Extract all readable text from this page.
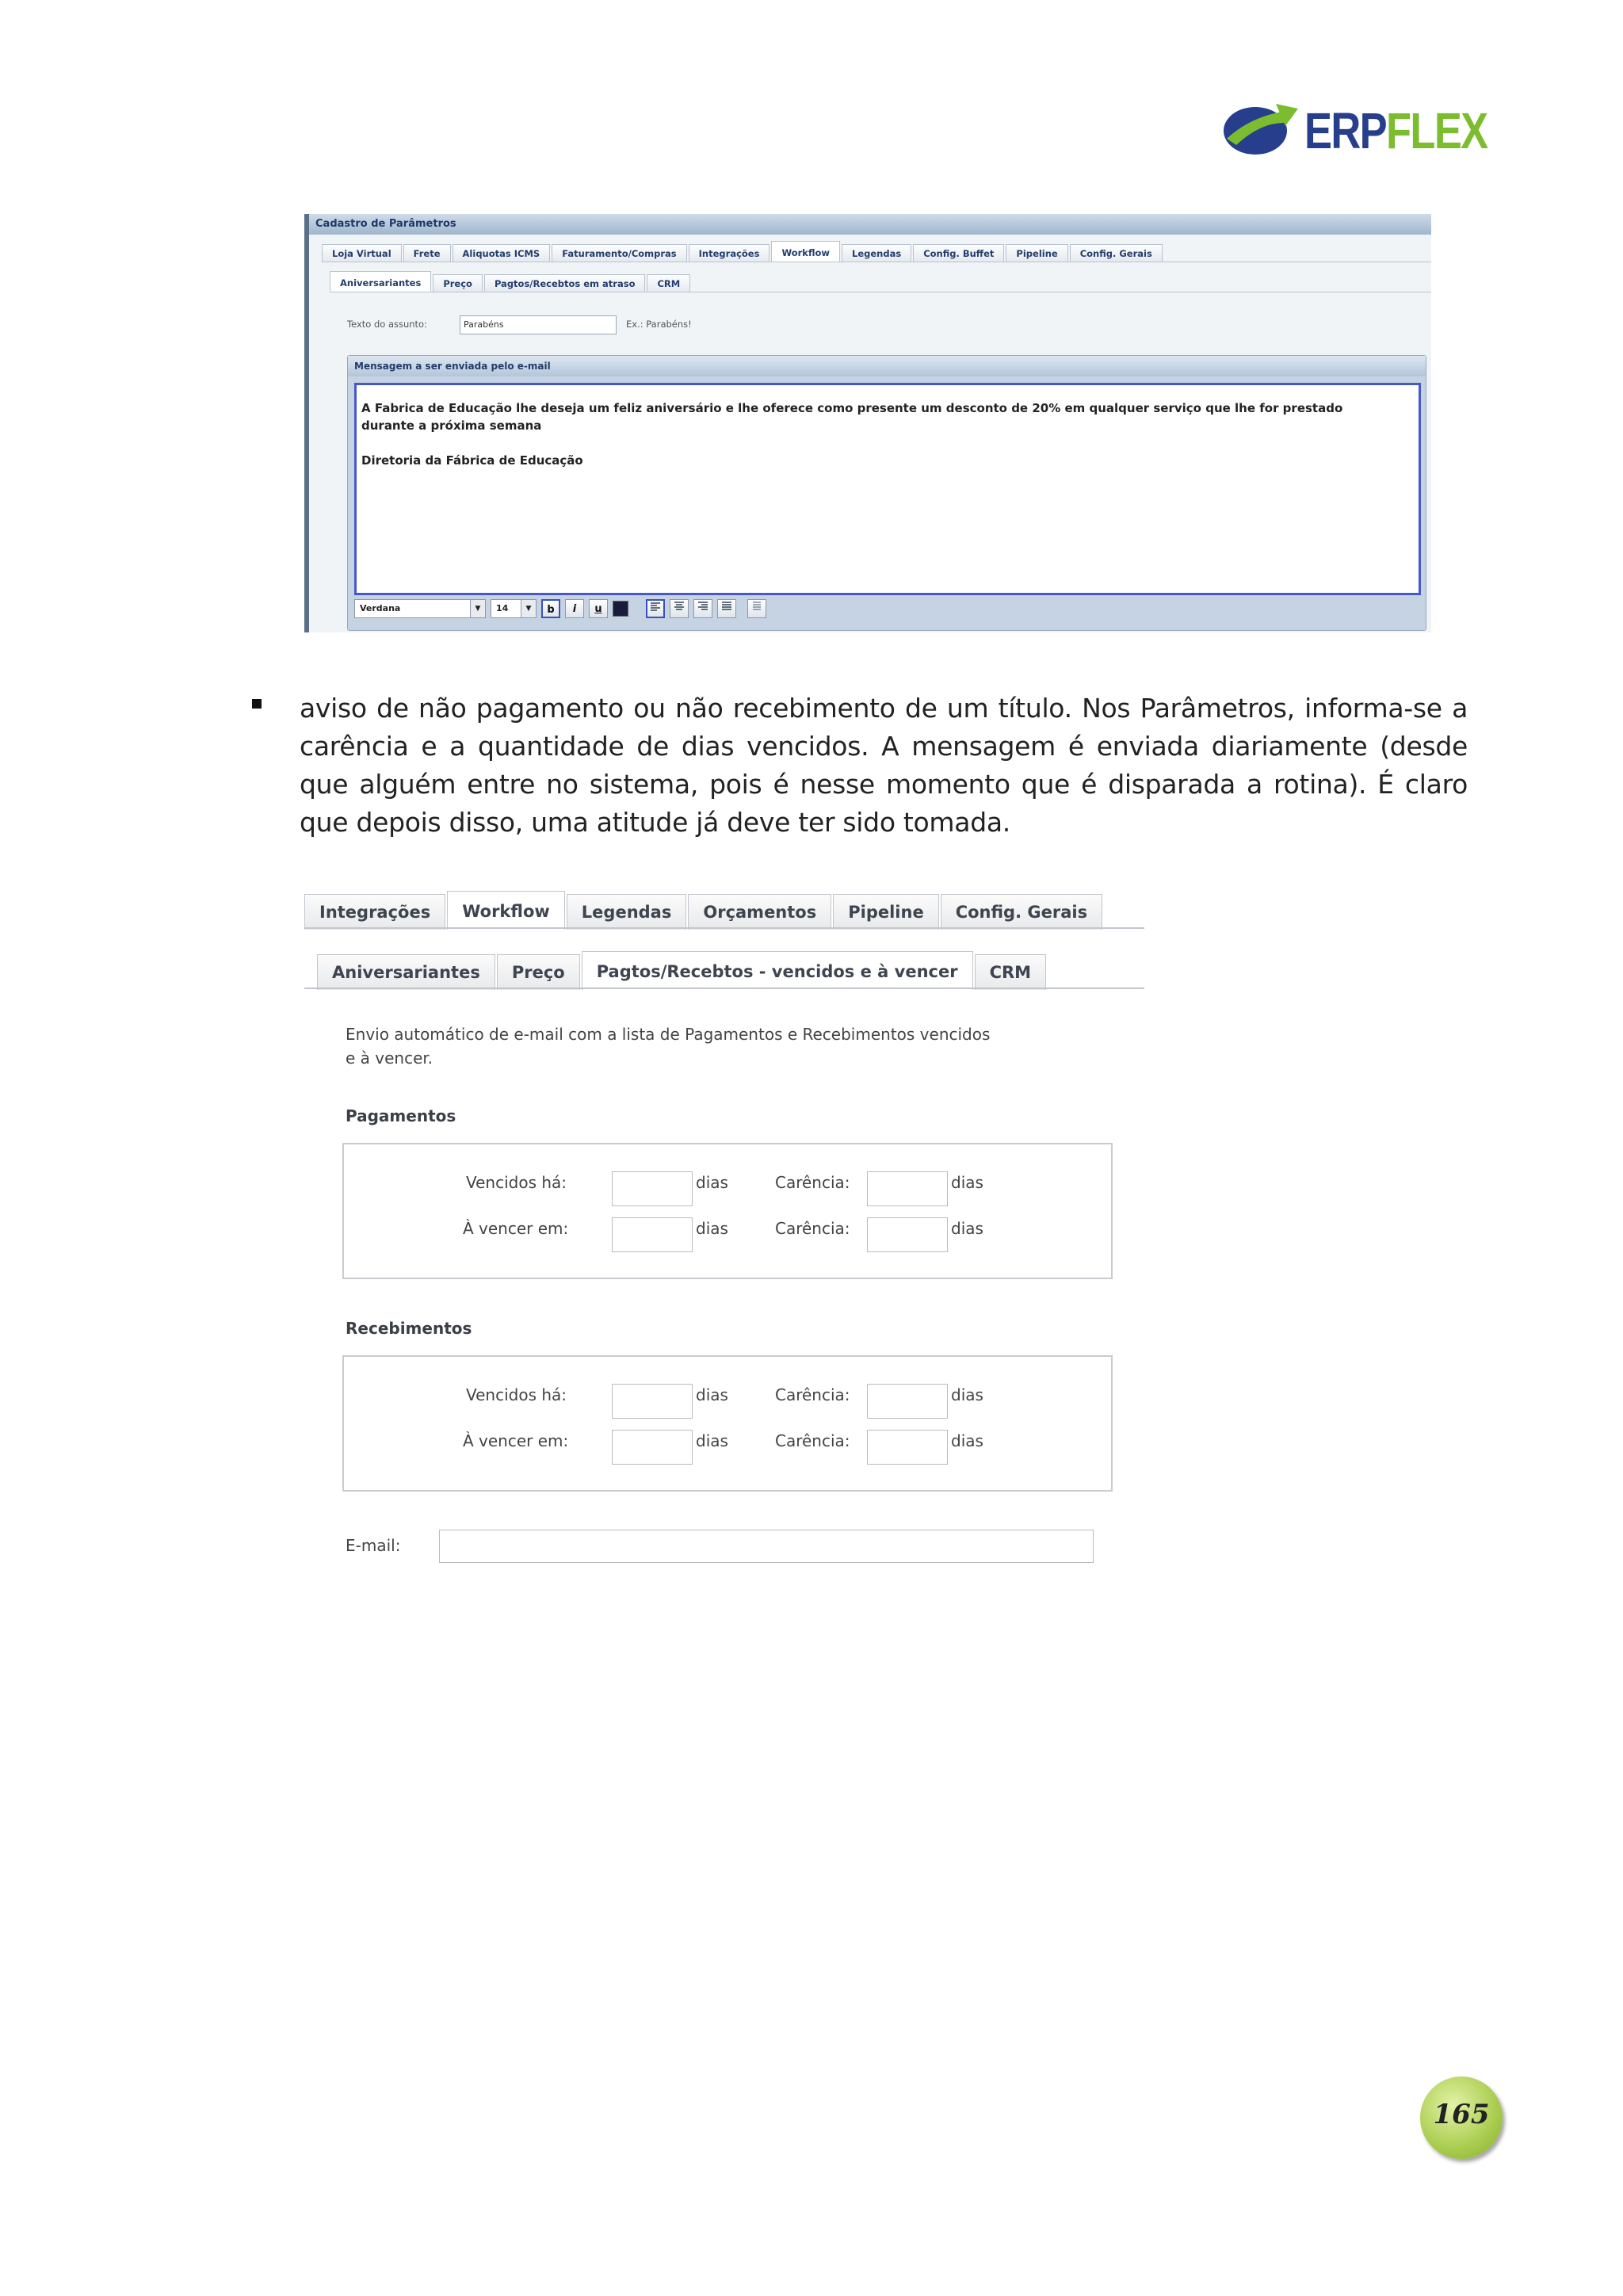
ERPFLEX
Cadastro de Parâmetros
Loja Virtual	Frete	Aliquotas ICMS	Faturamento/Compras	Integrações	Workflow	Legendas	Config. Buffet	Pipeline	Config. Gerais
Aniversariantes	Preço	Pagtos/Recebtos em atraso	CRM
Texto do assunto:	Parabéns	Ex.: Parabéns!
Mensagem a ser enviada pelo e-mail

A Fabrica de Educação lhe deseja um feliz aniversário e lhe oferece como presente um desconto de 20% em qualquer serviço que lhe for prestado

durante a próxima semana

Diretoria da Fábrica de Educação

Verdana	▼	14	▼	b	i	u
aviso de não pagamento ou não recebimento de um título. Nos Parâmetros, informa-se a carência e a quantidade de dias vencidos. A mensagem é enviada diariamente (desde que alguém entre no sistema, pois é nesse momento que é disparada a rotina). É claro que depois disso, uma atitude já deve ter sido tomada.
Integrações	Workflow	Legendas	Orçamentos	Pipeline	Config. Gerais
Aniversariantes	Preço	Pagtos/Recebtos - vencidos e à vencer	CRM
Envio automático de e-mail com a lista de Pagamentos e Recebimentos vencidos
e à vencer.
Pagamentos
Vencidos há:	dias	Carência:	dias
À vencer em:	dias	Carência:	dias
Recebimentos
Vencidos há:	dias	Carência:	dias
À vencer em:	dias	Carência:	dias
E-mail:
165
